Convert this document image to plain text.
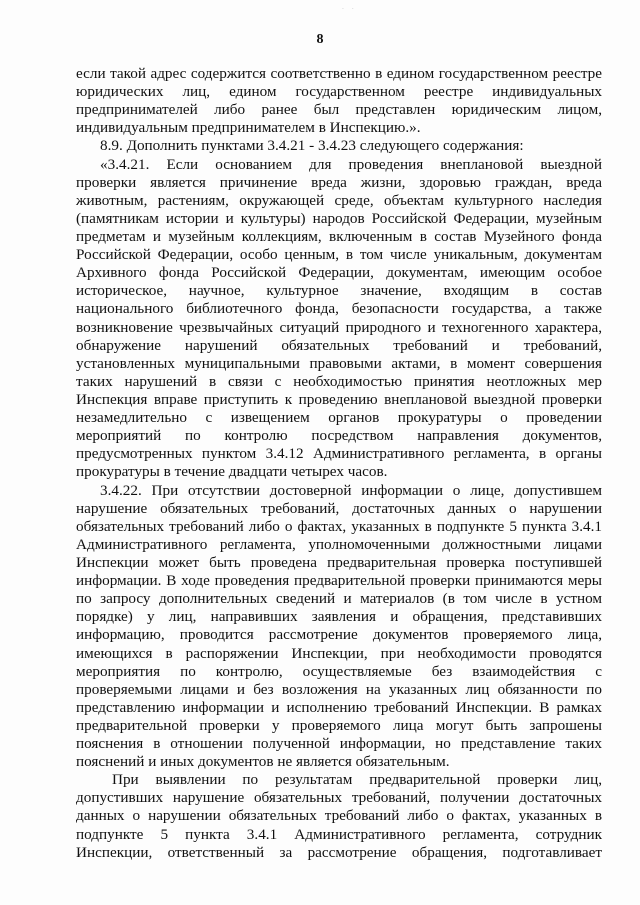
· ·
8
если такой адрес содержится соответственно в едином государственном реестре
юридических лиц, едином государственном реестре индивидуальных
предпринимателей либо ранее был представлен юридическим лицом,
индивидуальным предпринимателем в Инспекцию.».
8.9. Дополнить пунктами 3.4.21 - 3.4.23 следующего содержания:
«3.4.21. Если основанием для проведения внеплановой выездной
проверки является причинение вреда жизни, здоровью граждан, вреда
животным, растениям, окружающей среде, объектам культурного наследия
(памятникам истории и культуры) народов Российской Федерации, музейным
предметам и музейным коллекциям, включенным в состав Музейного фонда
Российской Федерации, особо ценным, в том числе уникальным, документам
Архивного фонда Российской Федерации, документам, имеющим особое
историческое, научное, культурное значение, входящим в состав
национального библиотечного фонда, безопасности государства, а также
возникновение чрезвычайных ситуаций природного и техногенного характера,
обнаружение нарушений обязательных требований и требований,
установленных муниципальными правовыми актами, в момент совершения
таких нарушений в связи с необходимостью принятия неотложных мер
Инспекция вправе приступить к проведению внеплановой выездной проверки
незамедлительно с извещением органов прокуратуры о проведении
мероприятий по контролю посредством направления документов,
предусмотренных пунктом 3.4.12 Административного регламента, в органы
прокуратуры в течение двадцати четырех часов.
3.4.22. При отсутствии достоверной информации о лице, допустившем
нарушение обязательных требований, достаточных данных о нарушении
обязательных требований либо о фактах, указанных в подпункте 5 пункта 3.4.1
Административного регламента, уполномоченными должностными лицами
Инспекции может быть проведена предварительная проверка поступившей
информации. В ходе проведения предварительной проверки принимаются меры
по запросу дополнительных сведений и материалов (в том числе в устном
порядке) у лиц, направивших заявления и обращения, представивших
информацию, проводится рассмотрение документов проверяемого лица,
имеющихся в распоряжении Инспекции, при необходимости проводятся
мероприятия по контролю, осуществляемые без взаимодействия с
проверяемыми лицами и без возложения на указанных лиц обязанности по
представлению информации и исполнению требований Инспекции. В рамках
предварительной проверки у проверяемого лица могут быть запрошены
пояснения в отношении полученной информации, но представление таких
пояснений и иных документов не является обязательным.
При выявлении по результатам предварительной проверки лиц,
допустивших нарушение обязательных требований, получении достаточных
данных о нарушении обязательных требований либо о фактах, указанных в
подпункте 5 пункта 3.4.1 Административного регламента, сотрудник
Инспекции, ответственный за рассмотрение обращения, подготавливает
